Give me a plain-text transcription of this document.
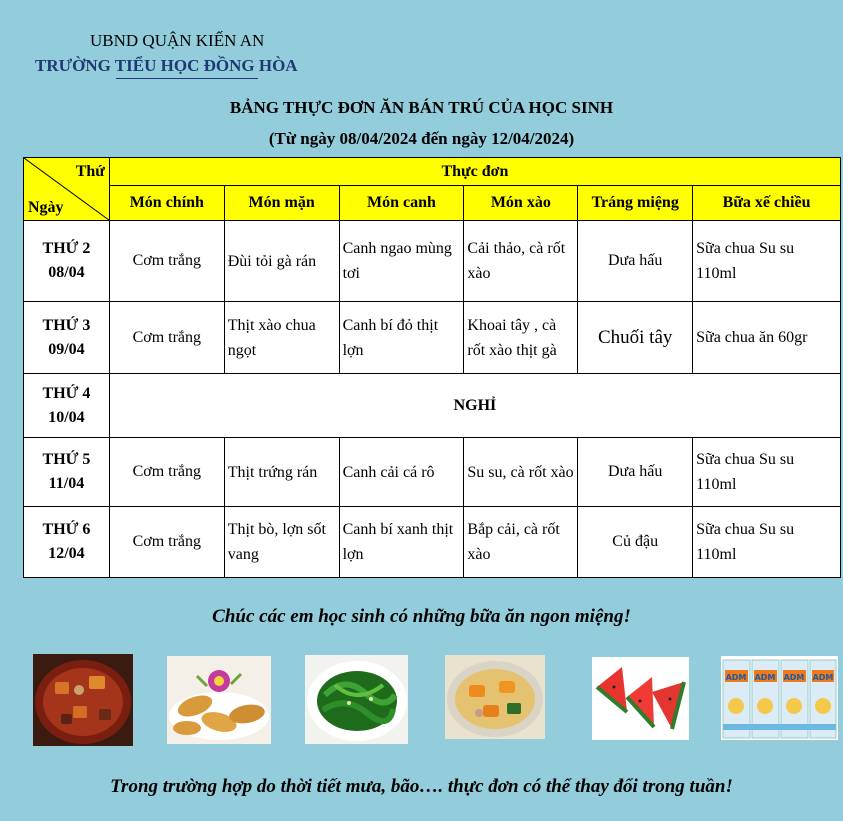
UBND QUẬN KIẾN AN
TRƯỜNG TIỂU HỌC ĐỒNG HÒA
BẢNG THỰC ĐƠN ĂN BÁN TRÚ CỦA HỌC SINH
(Từ ngày 08/04/2024 đến ngày 12/04/2024)
Thứ
Ngày	Thực đơn					
	Món chính	Món mặn	Món canh	Món xào	Tráng miệng	Bữa xế chiều

THỨ 2
08/04	Cơm trắng	Đùi tỏi gà rán	Canh ngao mùng tơi	Cải thảo, cà rốt xào	Dưa hấu	Sữa chua Su su 110ml

THỨ 3
09/04	Cơm trắng	Thịt xào chua ngọt	Canh bí đỏ thịt lợn	Khoai tây , cà rốt xào thịt gà	Chuối tây	Sữa chua ăn 60gr

THỨ 4
10/04	NGHỈ					

THỨ 5
11/04	Cơm trắng	Thịt trứng rán	Canh cải cá rô	Su su, cà rốt xào	Dưa hấu	Sữa chua Su su 110ml

THỨ 6
12/04	Cơm trắng	Thịt bò, lợn sốt vang	Canh bí xanh thịt lợn	Bắp cải, cà rốt xào	Củ đậu	Sữa chua Su su 110ml
Chúc các em học sinh có những bữa ăn ngon miệng!
ADM ADM ADM ADM
Trong trường hợp do thời tiết mưa, bão…. thực đơn có thể thay đổi trong tuần!
